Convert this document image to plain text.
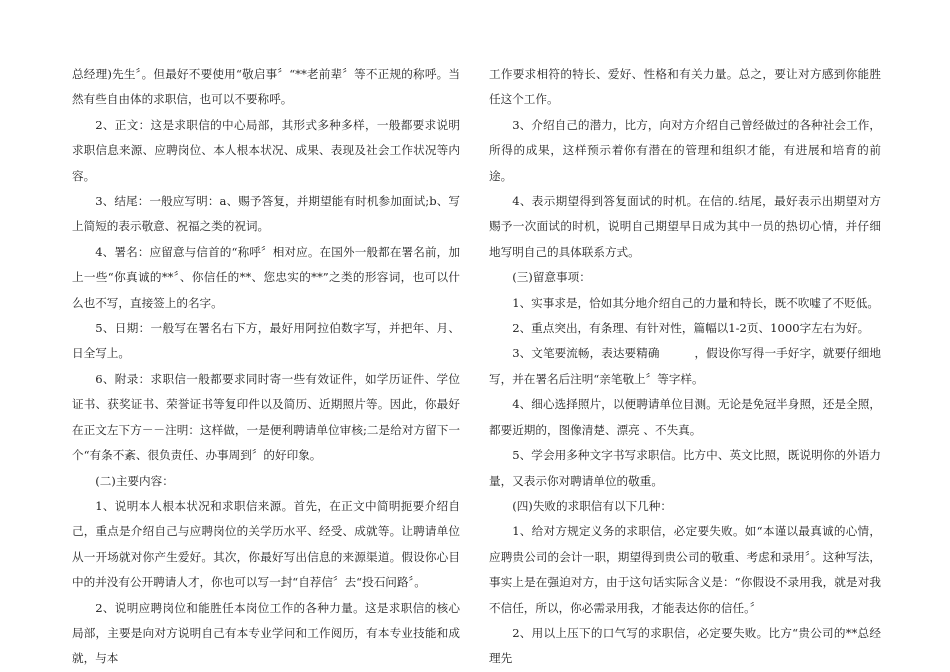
总经理)先生〞。但最好不要使用“敬启事〞“**老前辈〞等不正规的称呼。当然有些自由体的求职信，也可以不要称呼。

2、正文：这是求职信的中心局部，其形式多种多样，一般都要求说明求职信息来源、应聘岗位、本人根本状况、成果、表现及社会工作状况等内容。

3、结尾：一般应写明：a、赐予答复，并期望能有时机参加面试;b、写上简短的表示敬意、祝福之类的祝词。

4、署名：应留意与信首的“称呼〞相对应。在国外一般都在署名前，加上一些“你真诚的**〞、你信任的**、您忠实的**”之类的形容词，也可以什么也不写，直接签上的名字。

5、日期：一般写在署名右下方，最好用阿拉伯数字写，并把年、月、日全写上。

6、附录：求职信一般都要求同时寄一些有效证件，如学历证件、学位证书、获奖证书、荣誉证书等复印件以及简历、近期照片等。因此，你最好在正文左下方－－注明：这样做，一是便利聘请单位审核;二是给对方留下一个“有条不紊、很负责任、办事周到〞的好印象。

(二)主要内容：

1、说明本人根本状况和求职信来源。首先，在正文中简明扼要介绍自己，重点是介绍自己与应聘岗位的关学历水平、经受、成就等。让聘请单位从一开场就对你产生爱好。其次，你最好写出信息的来源渠道。假设你心目中的并没有公开聘请人才，你也可以写一封“自荐信〞去“投石问路〞。

2、说明应聘岗位和能胜任本岗位工作的各种力量。这是求职信的核心局部，主要是向对方说明自己有本专业学问和工作阅历，有本专业技能和成就，与本

工作要求相符的特长、爱好、性格和有关力量。总之，要让对方感到你能胜任这个工作。

3、介绍自己的潜力，比方，向对方介绍自己曾经做过的各种社会工作，所得的成果，这样预示着你有潜在的管理和组织才能，有进展和培育的前途。

4、表示期望得到答复面试的时机。在信的.结尾，最好表示出期望对方赐予一次面试的时机，说明自己期望早日成为其中一员的热切心情，并仔细地写明自己的具体联系方式。

(三)留意事项：

1、实事求是，恰如其分地介绍自己的力量和特长，既不吹嘘了不贬低。

2、重点突出，有条理、有针对性，篇幅以1-2页、1000字左右为好。

3、文笔要流畅，表达要精确　　　，假设你写得一手好字，就要仔细地写，并在署名后注明“亲笔敬上〞等字样。

4、细心选择照片，以便聘请单位目测。无论是免冠半身照，还是全照，都要近期的，图像清楚、漂亮 、不失真。

5、学会用多种文字书写求职信。比方中、英文比照，既说明你的外语力量，又表示你对聘请单位的敬重。

(四)失败的求职信有以下几种：

1、给对方规定义务的求职信，必定要失败。如“本谨以最真诚的心情，应聘贵公司的会计一职，期望得到贵公司的敬重、考虑和录用〞。这种写法，事实上是在强迫对方，由于这句话实际含义是：“你假设不录用我，就是对我不信任，所以，你必需录用我，才能表达你的信任。〞

2、用以上压下的口气写的求职信，必定要失败。比方“贵公司的**总经理先
